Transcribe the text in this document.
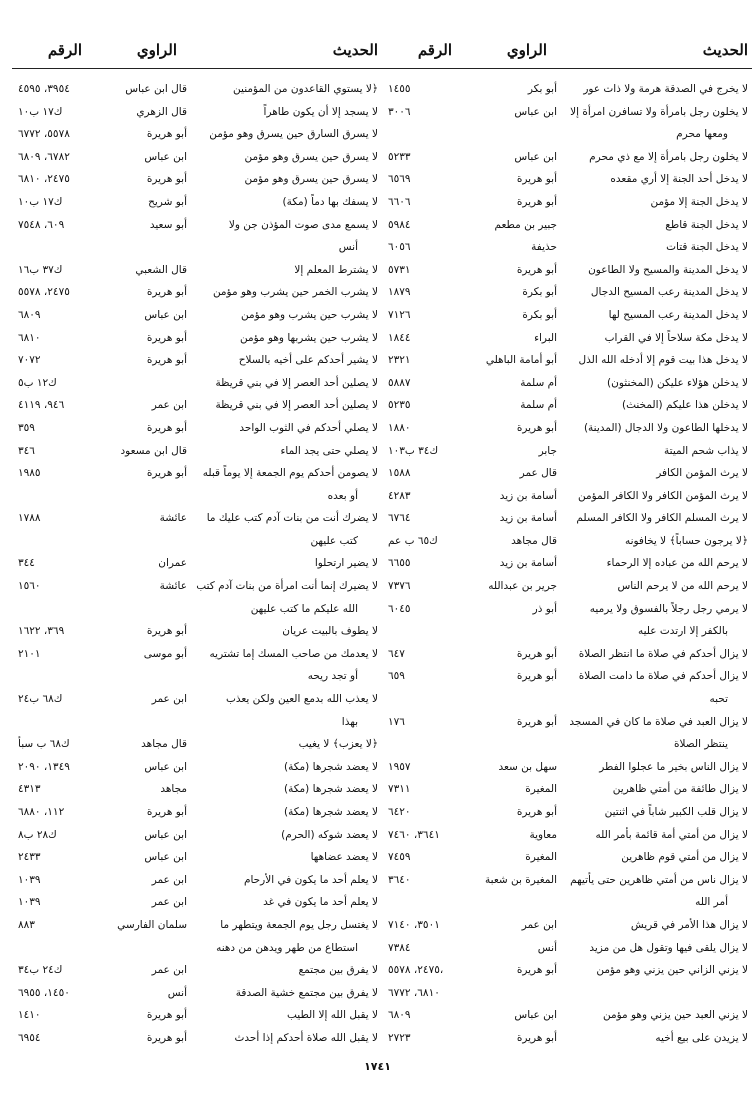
الحديث
الراوي
الرقم
لا يخرج في الصدقة هرمة ولا ذات عور
أبو بكر
١٤٥٥
لا يخلون رجل بامرأة ولا تسافرن امرأة إلا
ابن عباس
٣٠٠٦
ومعها محرم
لا يخلون رجل بامرأة إلا مع ذي محرم
ابن عباس
٥٢٣٣
لا يدخل أحد الجنة إلا أري مقعده
أبو هريرة
٦٥٦٩
لا يدخل الجنة إلا مؤمن
أبو هريرة
٦٦٠٦
لا يدخل الجنة قاطع
جبير بن مطعم
٥٩٨٤
لا يدخل الجنة قتات
حذيفة
٦٠٥٦
لا يدخل المدينة والمسيح ولا الطاعون
أبو هريرة
٥٧٣١
لا يدخل المدينة رعب المسيح الدجال
أبو بكرة
١٨٧٩
لا يدخل المدينة رعب المسيح لها
أبو بكرة
٧١٢٦
لا يدخل مكة سلاحاً إلا في القراب
البراء
١٨٤٤
لا يدخل هذا بيت قوم إلا أدخله الله الذل
أبو أمامة الباهلي
٢٣٢١
لا يدخلن هؤلاء عليكن (المخنثون)
أم سلمة
٥٨٨٧
لا يدخلن هذا عليكم (المخنث)
أم سلمة
٥٢٣٥
لا يدخلها الطاعون ولا الدجال (المدينة)
أبو هريرة
١٨٨٠
لا يذاب شحم الميتة
جابر
ك٣٤ ب١٠٣
لا يرث المؤمن الكافر
قال عمر
١٥٨٨
لا يرث المؤمن الكافر ولا الكافر المؤمن
أسامة بن زيد
٤٢٨٣
لا يرث المسلم الكافر ولا الكافر المسلم
أسامة بن زيد
٦٧٦٤
﴿لا يرجون حساباً﴾ لا يخافونه
قال مجاهد
ك٦٥ ب عم
لا يرحم الله من عباده إلا الرحماء
أسامة بن زيد
٦٦٥٥
لا يرحم الله من لا يرحم الناس
جرير بن عبدالله
٧٣٧٦
لا يرمي رجل رجلاً بالفسوق ولا يرميه
أبو ذر
٦٠٤٥
بالكفر إلا ارتدت عليه
لا يزال أحدكم في صلاة ما انتظر الصلاة
أبو هريرة
٦٤٧
لا يزال أحدكم في صلاة ما دامت الصلاة
أبو هريرة
٦٥٩
تحبه
لا يزال العبد في صلاة ما كان في المسجد
أبو هريرة
١٧٦
ينتظر الصلاة
لا يزال الناس بخير ما عجلوا الفطر
سهل بن سعد
١٩٥٧
لا يزال طائفة من أمتي ظاهرين
المغيرة
٧٣١١
لا يزال قلب الكبير شاباً في اثنتين
أبو هريرة
٦٤٢٠
لا يزال من أمتي أمة قائمة بأمر الله
معاوية
٣٦٤١، ٧٤٦٠
لا يزال من أمتي قوم ظاهرين
المغيرة
٧٤٥٩
لا يزال ناس من أمتي ظاهرين حتى يأتيهم
المغيرة بن شعبة
٣٦٤٠
أمر الله
لا يزال هذا الأمر في قريش
ابن عمر
٣٥٠١، ٧١٤٠
لا يزال يلقى فيها وتقول هل من مزيد
أنس
٧٣٨٤
لا يزني الزاني حين يزني وهو مؤمن
أبو هريرة
٢٤٧٥، ٥٥٧٨،
٦٨١٠، ٦٧٧٢
لا يزني العبد حين يزني وهو مؤمن
ابن عباس
٦٨٠٩
لا يزيدن على بيع أخيه
أبو هريرة
٢٧٢٣
الحديث
الراوي
الرقم
﴿لا يستوي القاعدون من المؤمنين
قال ابن عباس
٣٩٥٤، ٤٥٩٥
لا يسجد إلا أن يكون طاهراً
قال الزهري
ك١٧ ب١٠
لا يسرق السارق حين يسرق وهو مؤمن
أبو هريرة
٥٥٧٨، ٦٧٧٢
لا يسرق حين يسرق وهو مؤمن
ابن عباس
٦٧٨٢، ٦٨٠٩
لا يسرق حين يسرق وهو مؤمن
أبو هريرة
٢٤٧٥، ٦٨١٠
لا يسفك بها دماً (مكة)
أبو شريح
ك١٧ ب١٠
لا يسمع مدى صوت المؤذن جن ولا
أبو سعيد
٦٠٩، ٧٥٤٨
أنس
لا يشترط المعلم إلا
قال الشعبي
ك٣٧ ب١٦
لا يشرب الخمر حين يشرب وهو مؤمن
أبو هريرة
٢٤٧٥، ٥٥٧٨
لا يشرب حين يشرب وهو مؤمن
ابن عباس
٦٨٠٩
لا يشرب حين يشربها وهو مؤمن
أبو هريرة
٦٨١٠
لا يشير أحدكم على أخيه بالسلاح
أبو هريرة
٧٠٧٢
لا يصلين أحد العصر إلا في بني قريظة
ك١٢ ب٥
لا يصلين أحد العصر إلا في بني قريظة
ابن عمر
٩٤٦، ٤١١٩
لا يصلي أحدكم في الثوب الواحد
أبو هريرة
٣٥٩
لا يصلي حتى يجد الماء
قال ابن مسعود
٣٤٦
لا يصومن أحدكم يوم الجمعة إلا يوماً قبله
أبو هريرة
١٩٨٥
أو بعده
لا يضرك أنت من بنات آدم كتب عليك ما
عائشة
١٧٨٨
كتب عليهن
لا يضير ارتحلوا
عمران
٣٤٤
لا يضيرك إنما أنت امرأة من بنات آدم كتب
عائشة
١٥٦٠
الله عليكم ما كتب عليهن
لا يطوف بالبيت عريان
أبو هريرة
٣٦٩، ١٦٢٢
لا يعدمك من صاحب المسك إما تشتريه
أبو موسى
٢١٠١
أو تجد ريحه
لا يعذب الله بدمع العين ولكن يعذب
ابن عمر
ك٦٨ ب٢٤
بهذا
﴿لا يعزب﴾ لا يغيب
قال مجاهد
ك٦٨ ب سبأ
لا يعضد شجرها (مكة)
ابن عباس
١٣٤٩، ٢٠٩٠
لا يعضد شجرها (مكة)
مجاهد
٤٣١٣
لا يعضد شجرها (مكة)
أبو هريرة
١١٢، ٦٨٨٠
لا يعضد شوكه (الحرم)
ابن عباس
ك٢٨ ب٨
لا يعضد عضاهها
ابن عباس
٢٤٣٣
لا يعلم أحد ما يكون في الأرحام
ابن عمر
١٠٣٩
لا يعلم أحد ما يكون في غد
ابن عمر
١٠٣٩
لا يغتسل رجل يوم الجمعة ويتطهر ما
سلمان الفارسي
٨٨٣
استطاع من طهر ويدهن من دهنه
لا يفرق بين مجتمع
ابن عمر
ك٢٤ ب٣٤
لا يفرق بين مجتمع خشية الصدقة
أنس
١٤٥٠، ٦٩٥٥
لا يقبل الله إلا الطيب
أبو هريرة
١٤١٠
لا يقبل الله صلاة أحدكم إذا أحدث
أبو هريرة
٦٩٥٤
١٧٤١
